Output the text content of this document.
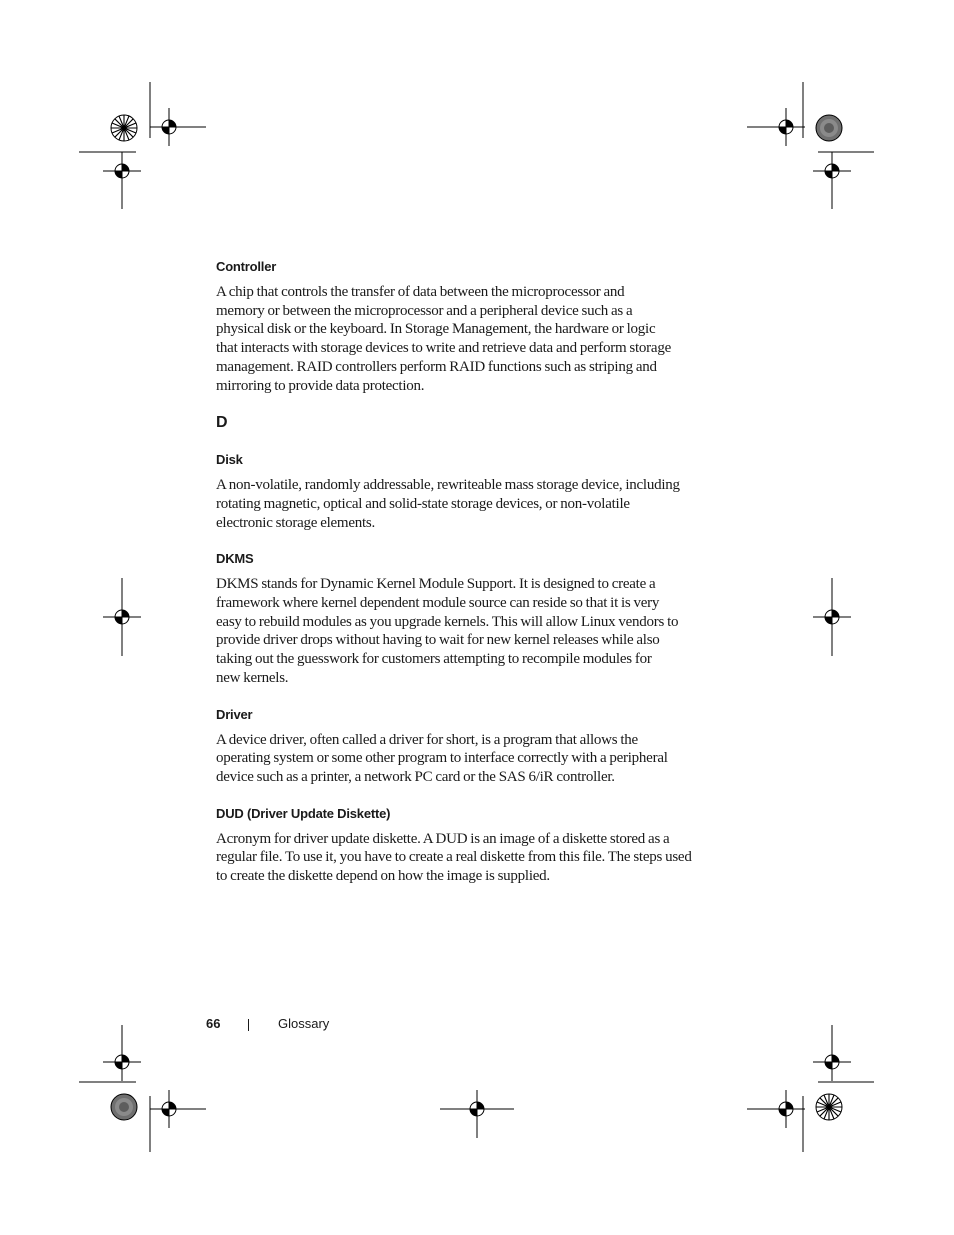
Controller

A chip that controls the transfer of data between the microprocessor and
memory or between the microprocessor and a peripheral device such as a
physical disk or the keyboard. In Storage Management, the hardware or logic
that interacts with storage devices to write and retrieve data and perform storage
management. RAID controllers perform RAID functions such as striping and
mirroring to provide data protection.

D
Disk

A non-volatile, randomly addressable, rewriteable mass storage device, including
rotating magnetic, optical and solid-state storage devices, or non-volatile
electronic storage elements.

DKMS

DKMS stands for Dynamic Kernel Module Support. It is designed to create a
framework where kernel dependent module source can reside so that it is very
easy to rebuild modules as you upgrade kernels. This will allow Linux vendors to
provide driver drops without having to wait for new kernel releases while also
taking out the guesswork for customers attempting to recompile modules for
new kernels.

Driver

A device driver, often called a driver for short, is a program that allows the
operating system or some other program to interface correctly with a peripheral
device such as a printer, a network PC card or the SAS 6/iR controller.

DUD (Driver Update Diskette)

Acronym for driver update diskette. A DUD is an image of a diskette stored as a
regular file. To use it, you have to create a real diskette from this file. The steps used
to create the diskette depend on how the image is supplied.

66	Glossary
